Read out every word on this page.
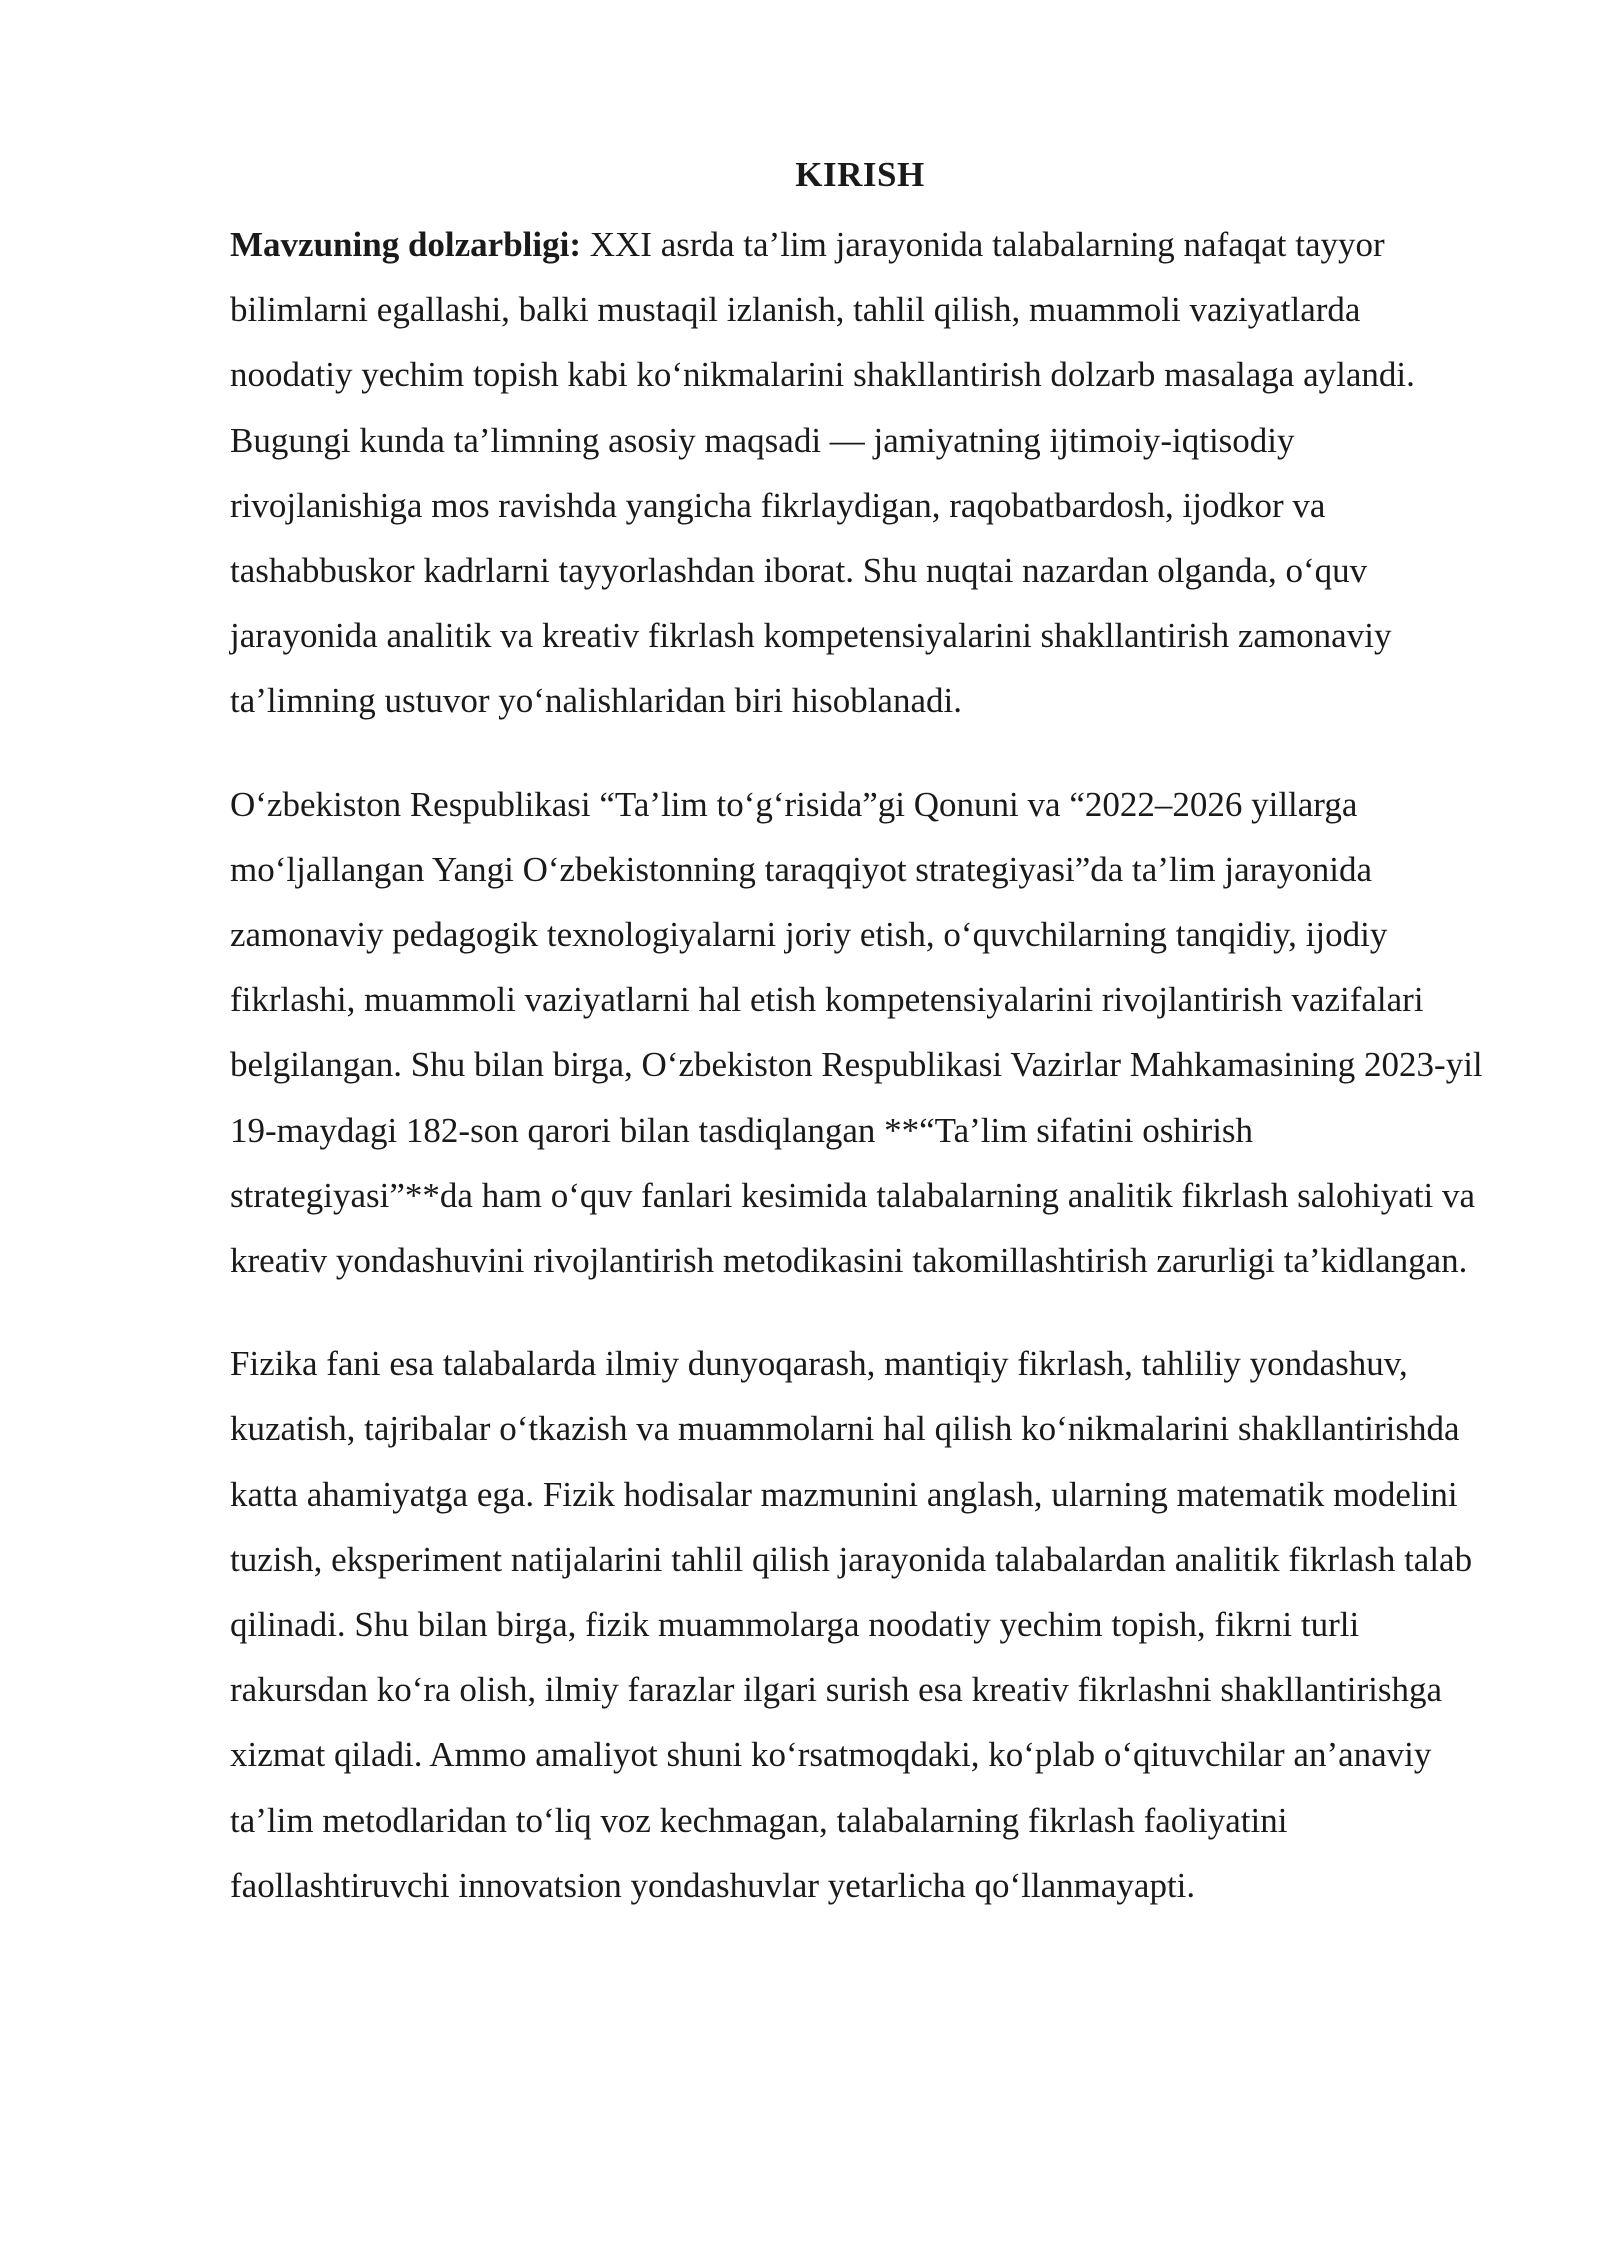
KIRISH

Mavzuning dolzarbligi: XXI asrda ta’lim jarayonida talabalarning nafaqat tayyor bilimlarni egallashi, balki mustaqil izlanish, tahlil qilish, muammoli vaziyatlarda noodatiy yechim topish kabi koʻnikmalarini shakllantirish dolzarb masalaga aylandi. Bugungi kunda ta’limning asosiy maqsadi — jamiyatning ijtimoiy-iqtisodiy rivojlanishiga mos ravishda yangicha fikrlaydigan, raqobatbardosh, ijodkor va tashabbuskor kadrlarni tayyorlashdan iborat. Shu nuqtai nazardan olganda, oʻquv jarayonida analitik va kreativ fikrlash kompetensiyalarini shakllantirish zamonaviy ta’limning ustuvor yoʻnalishlaridan biri hisoblanadi.

Oʻzbekiston Respublikasi “Ta’lim toʻgʻrisida”gi Qonuni va “2022–2026 yillarga moʻljallangan Yangi Oʻzbekistonning taraqqiyot strategiyasi”da ta’lim jarayonida zamonaviy pedagogik texnologiyalarni joriy etish, oʻquvchilarning tanqidiy, ijodiy fikrlashi, muammoli vaziyatlarni hal etish kompetensiyalarini rivojlantirish vazifalari belgilangan. Shu bilan birga, Oʻzbekiston Respublikasi Vazirlar Mahkamasining 2023-yil 19-maydagi 182-son qarori bilan tasdiqlangan **“Ta’lim sifatini oshirish strategiyasi”**da ham oʻquv fanlari kesimida talabalarning analitik fikrlash salohiyati va kreativ yondashuvini rivojlantirish metodikasini takomillashtirish zarurligi ta’kidlangan.

Fizika fani esa talabalarda ilmiy dunyoqarash, mantiqiy fikrlash, tahliliy yondashuv, kuzatish, tajribalar oʻtkazish va muammolarni hal qilish koʻnikmalarini shakllantirishda katta ahamiyatga ega. Fizik hodisalar mazmunini anglash, ularning matematik modelini tuzish, eksperiment natijalarini tahlil qilish jarayonida talabalardan analitik fikrlash talab qilinadi. Shu bilan birga, fizik muammolarga noodatiy yechim topish, fikrni turli rakursdan koʻra olish, ilmiy farazlar ilgari surish esa kreativ fikrlashni shakllantirishga xizmat qiladi. Ammo amaliyot shuni koʻrsatmoqdaki, koʻplab oʻqituvchilar an’anaviy ta’lim metodlaridan toʻliq voz kechmagan, talabalarning fikrlash faoliyatini faollashtiruvchi innovatsion yondashuvlar yetarlicha qoʻllanmayapti.
